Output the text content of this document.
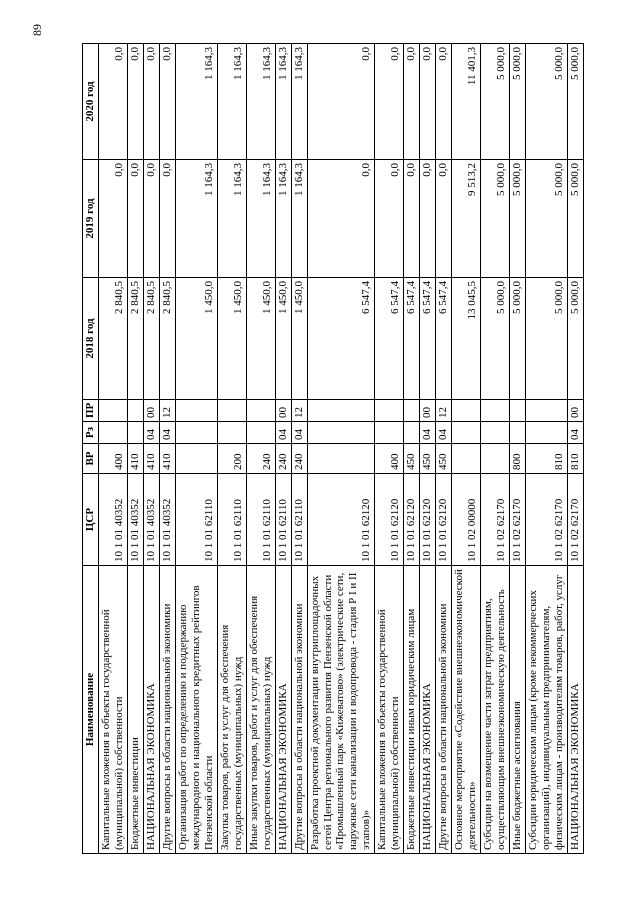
89
Наименование	ЦСР	ВР	Рз	ПР	2018 год	2019 год	2020 год
Капитальные вложения в объекты государственной (муниципальной) собственности	10 1 01 40352	400			2 840,5	0,0	0,0
Бюджетные инвестиции	10 1 01 40352	410			2 840,5	0,0	0,0
НАЦИОНАЛЬНАЯ ЭКОНОМИКА	10 1 01 40352	410	04	00	2 840,5	0,0	0,0
Другие вопросы в области национальной экономики	10 1 01 40352	410	04	12	2 840,5	0,0	0,0
Организация работ по определению и поддержанию международного и национального кредитных рейтингов Пензенской области	10 1 01 62110				1 450,0	1 164,3	1 164,3
Закупка товаров, работ и услуг для обеспечения государственных (муниципальных) нужд	10 1 01 62110	200			1 450,0	1 164,3	1 164,3
Иные закупки товаров, работ и услуг для обеспечения государственных (муниципальных) нужд	10 1 01 62110	240			1 450,0	1 164,3	1 164,3
НАЦИОНАЛЬНАЯ ЭКОНОМИКА	10 1 01 62110	240	04	00	1 450,0	1 164,3	1 164,3
Другие вопросы в области национальной экономики	10 1 01 62110	240	04	12	1 450,0	1 164,3	1 164,3
Разработка проектной документации внутриплощадочных сетей Центра регионального развития Пензенской области «Промышленный парк «Кижеватово» (электрические сети, наружные сети канализации и водопровода - стадия Р I и II этапов)»	10 1 01 62120				6 547,4	0,0	0,0
Капитальные вложения в объекты государственной (муниципальной) собственности	10 1 01 62120	400			6 547,4	0,0	0,0
Бюджетные инвестиции иным юридическим лицам	10 1 01 62120	450			6 547,4	0,0	0,0
НАЦИОНАЛЬНАЯ ЭКОНОМИКА	10 1 01 62120	450	04	00	6 547,4	0,0	0,0
Другие вопросы в области национальной экономики	10 1 01 62120	450	04	12	6 547,4	0,0	0,0
Основное мероприятие «Содействие внешнеэкономической деятельности»	10 1 02 00000				13 045,5	9 513,2	11 401,3
Субсидии на возмещение части затрат предприятиям, осуществляющим внешнеэкономическую деятельность	10 1 02 62170				5 000,0	5 000,0	5 000,0
Иные бюджетные ассигнования	10 1 02 62170	800			5 000,0	5 000,0	5 000,0
Субсидии юридическим лицам (кроме некоммерческих организаций), индивидуальным предпринимателям, физическим лицам - производителям товаров, работ, услуг	10 1 02 62170	810			5 000,0	5 000,0	5 000,0
НАЦИОНАЛЬНАЯ ЭКОНОМИКА	10 1 02 62170	810	04	00	5 000,0	5 000,0	5 000,0
